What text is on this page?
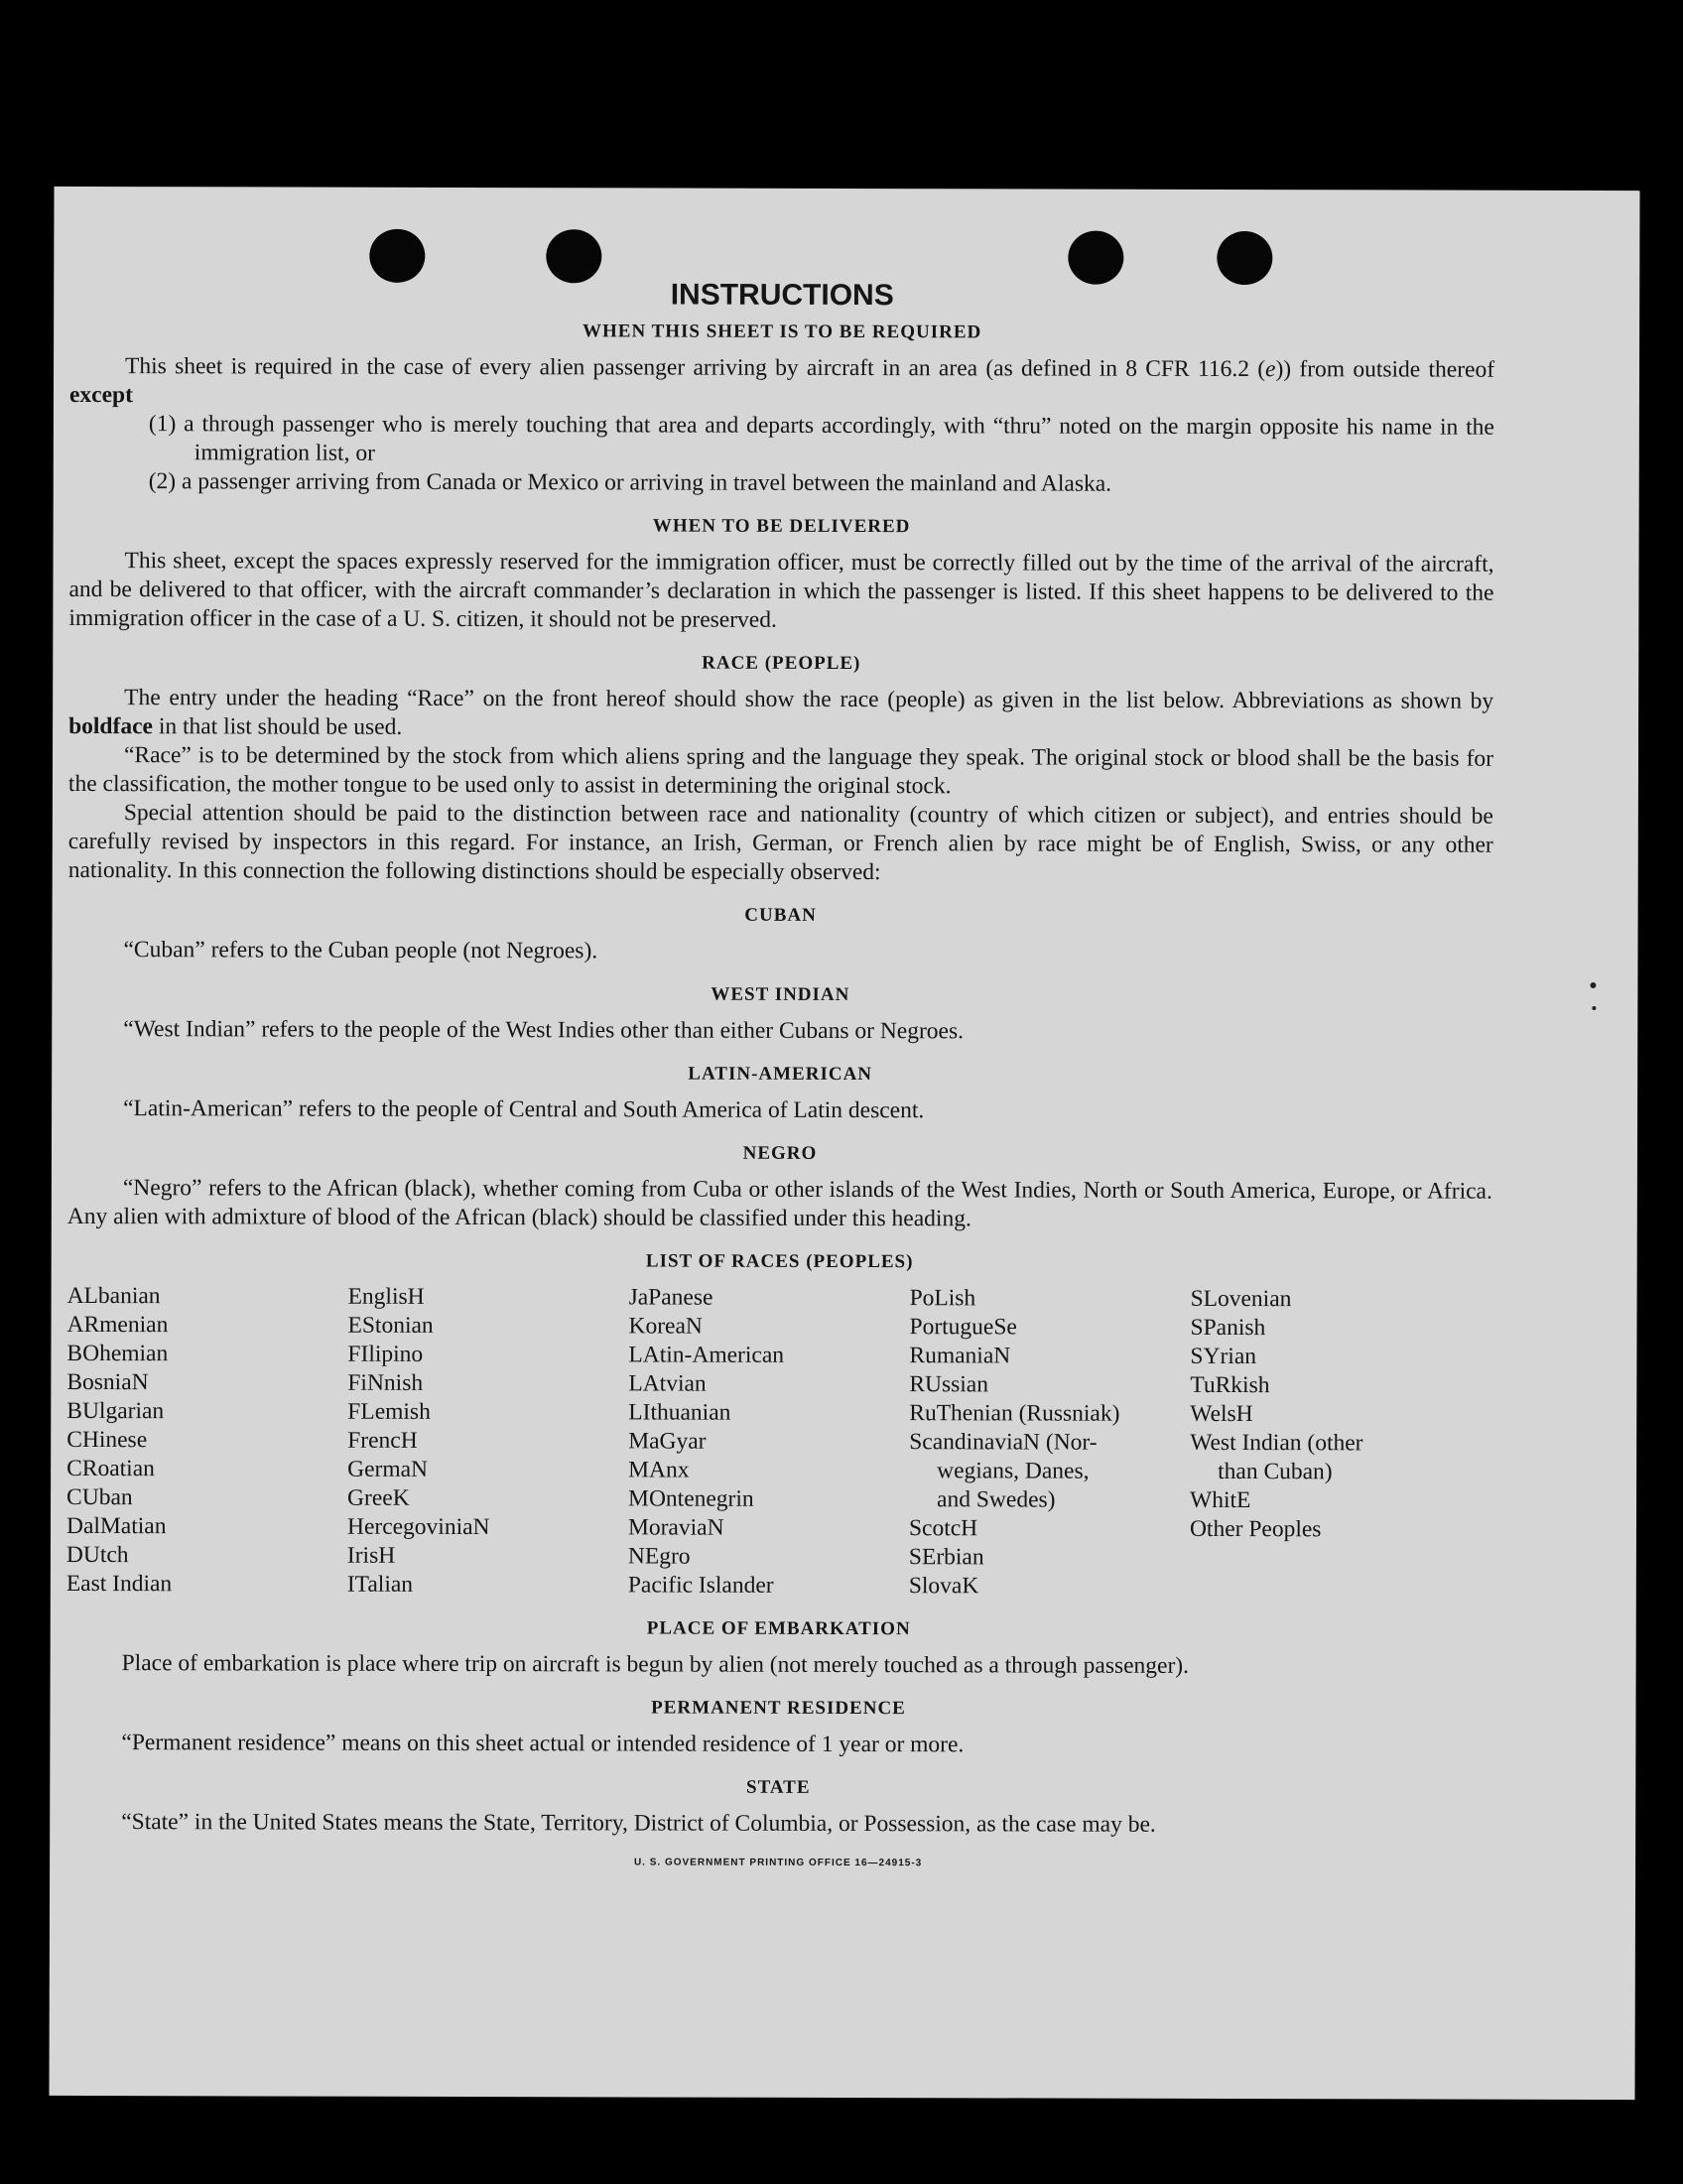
INSTRUCTIONS
WHEN THIS SHEET IS TO BE REQUIRED

This sheet is required in the case of every alien passenger arriving by aircraft in an area (as defined in 8 CFR 116.2 (e)) from outside thereof except

(1) a through passenger who is merely touching that area and departs accordingly, with “thru” noted on the margin opposite his name in the immigration list, or
(2) a passenger arriving from Canada or Mexico or arriving in travel between the mainland and Alaska.
WHEN TO BE DELIVERED

This sheet, except the spaces expressly reserved for the immigration officer, must be correctly filled out by the time of the arrival of the aircraft, and be delivered to that officer, with the aircraft commander’s declaration in which the passenger is listed. If this sheet happens to be delivered to the immigration officer in the case of a U. S. citizen, it should not be preserved.

RACE (PEOPLE)

The entry under the heading “Race” on the front hereof should show the race (people) as given in the list below. Abbreviations as shown by boldface in that list should be used.

“Race” is to be determined by the stock from which aliens spring and the language they speak. The original stock or blood shall be the basis for the classification, the mother tongue to be used only to assist in determining the original stock.

Special attention should be paid to the distinction between race and nationality (country of which citizen or subject), and entries should be carefully revised by inspectors in this regard. For instance, an Irish, German, or French alien by race might be of English, Swiss, or any other nationality. In this connection the following distinctions should be especially observed:

CUBAN

“Cuban” refers to the Cuban people (not Negroes).

WEST INDIAN

“West Indian” refers to the people of the West Indies other than either Cubans or Negroes.

LATIN-AMERICAN

“Latin-American” refers to the people of Central and South America of Latin descent.

NEGRO

“Negro” refers to the African (black), whether coming from Cuba or other islands of the West Indies, North or South America, Europe, or Africa. Any alien with admixture of blood of the African (black) should be classified under this heading.

LIST OF RACES (PEOPLES)
ALbanian
ARmenian
BOhemian
BosniaN
BUlgarian
CHinese
CRoatian
CUban
DalMatian
DUtch
East Indian
EnglisH
EStonian
FIlipino
FiNnish
FLemish
FrencH
GermaN
GreeK
HercegoviniaN
IrisH
ITalian
JaPanese
KoreaN
LAtin-American
LAtvian
LIthuanian
MaGyar
MAnx
MOntenegrin
MoraviaN
NEgro
Pacific Islander
PoLish
PortugueSe
RumaniaN
RUssian
RuThenian (Russniak)
ScandinaviaN (Nor-
wegians, Danes,
and Swedes)
ScotcH
SErbian
SlovaK
SLovenian
SPanish
SYrian
TuRkish
WelsH
West Indian (other
than Cuban)
WhitE
Other Peoples
PLACE OF EMBARKATION

Place of embarkation is place where trip on aircraft is begun by alien (not merely touched as a through passenger).

PERMANENT RESIDENCE

“Permanent residence” means on this sheet actual or intended residence of 1 year or more.

STATE

“State” in the United States means the State, Territory, District of Columbia, or Possession, as the case may be.

U. S. GOVERNMENT PRINTING OFFICE 16—24915-3
